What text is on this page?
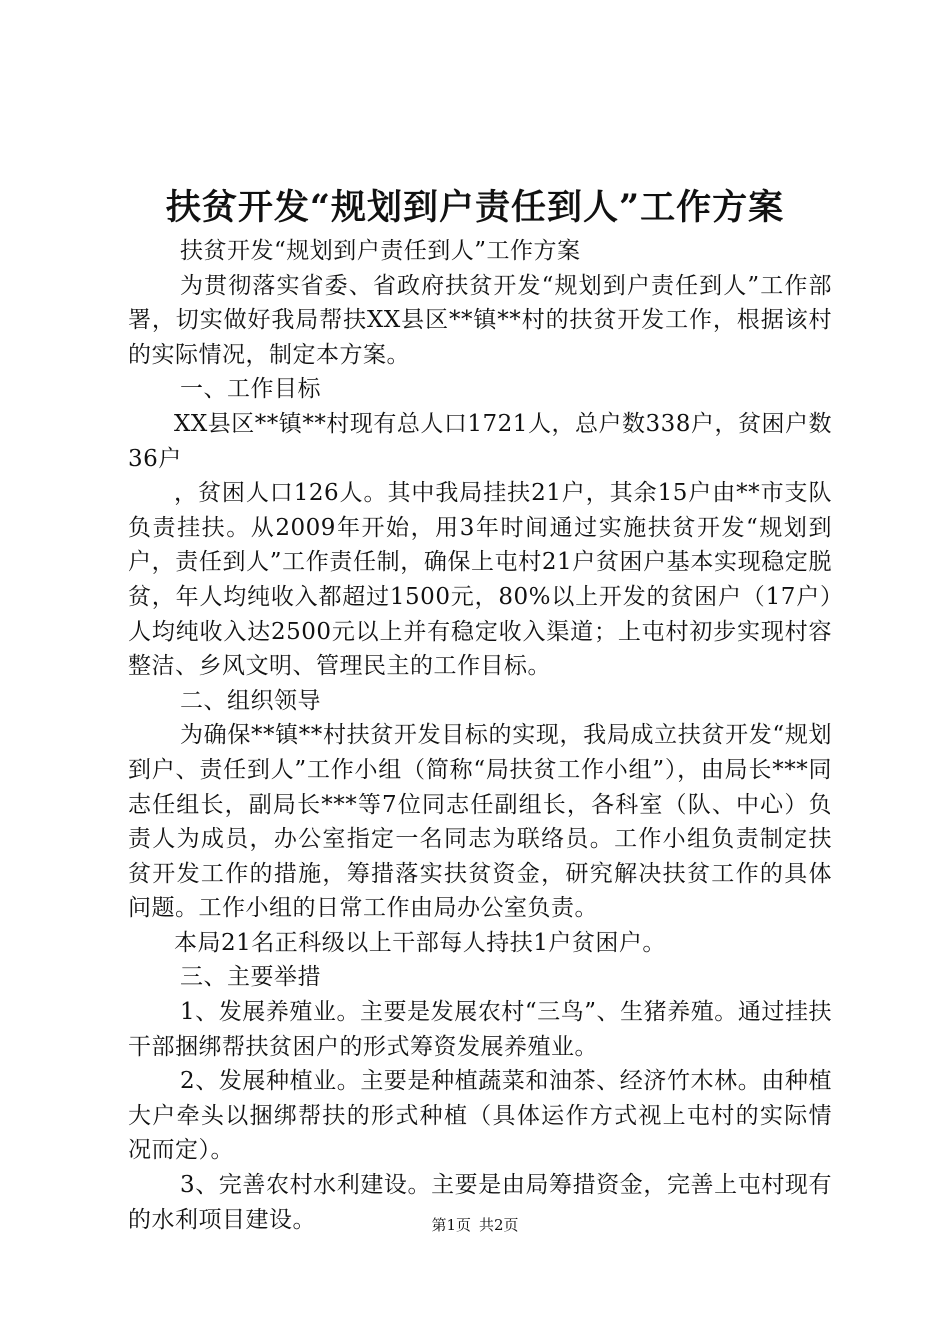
扶贫开发“规划到户责任到人”工作方案

扶贫开发“规划到户责任到人”工作方案

为贯彻落实省委、省政府扶贫开发“规划到户责任到人”工作部署，切实做好我局帮扶XX县区**镇**村的扶贫开发工作，根据该村的实际情况，制定本方案。

一、工作目标

XX县区**镇**村现有总人口1721人，总户数338户，贫困户数36户

，贫困人口126人。其中我局挂扶21户，其余15户由**市支队负责挂扶。从2009年开始，用3年时间通过实施扶贫开发“规划到户，责任到人”工作责任制，确保上屯村21户贫困户基本实现稳定脱贫，年人均纯收入都超过1500元，80%以上开发的贫困户（17户）人均纯收入达2500元以上并有稳定收入渠道；上屯村初步实现村容整洁、乡风文明、管理民主的工作目标。

二、组织领导

为确保**镇**村扶贫开发目标的实现，我局成立扶贫开发“规划到户、责任到人”工作小组（简称“局扶贫工作小组”），由局长***同志任组长，副局长***等7位同志任副组长，各科室（队、中心）负责人为成员，办公室指定一名同志为联络员。工作小组负责制定扶贫开发工作的措施，筹措落实扶贫资金，研究解决扶贫工作的具体问题。工作小组的日常工作由局办公室负责。

本局21名正科级以上干部每人持扶1户贫困户。

三、主要举措

1、发展养殖业。主要是发展农村“三鸟”、生猪养殖。通过挂扶干部捆绑帮扶贫困户的形式筹资发展养殖业。

2、发展种植业。主要是种植蔬菜和油茶、经济竹木林。由种植大户牵头以捆绑帮扶的形式种植（具体运作方式视上屯村的实际情况而定）。

3、完善农村水利建设。主要是由局筹措资金，完善上屯村现有的水利项目建设。	第1页 共2页
